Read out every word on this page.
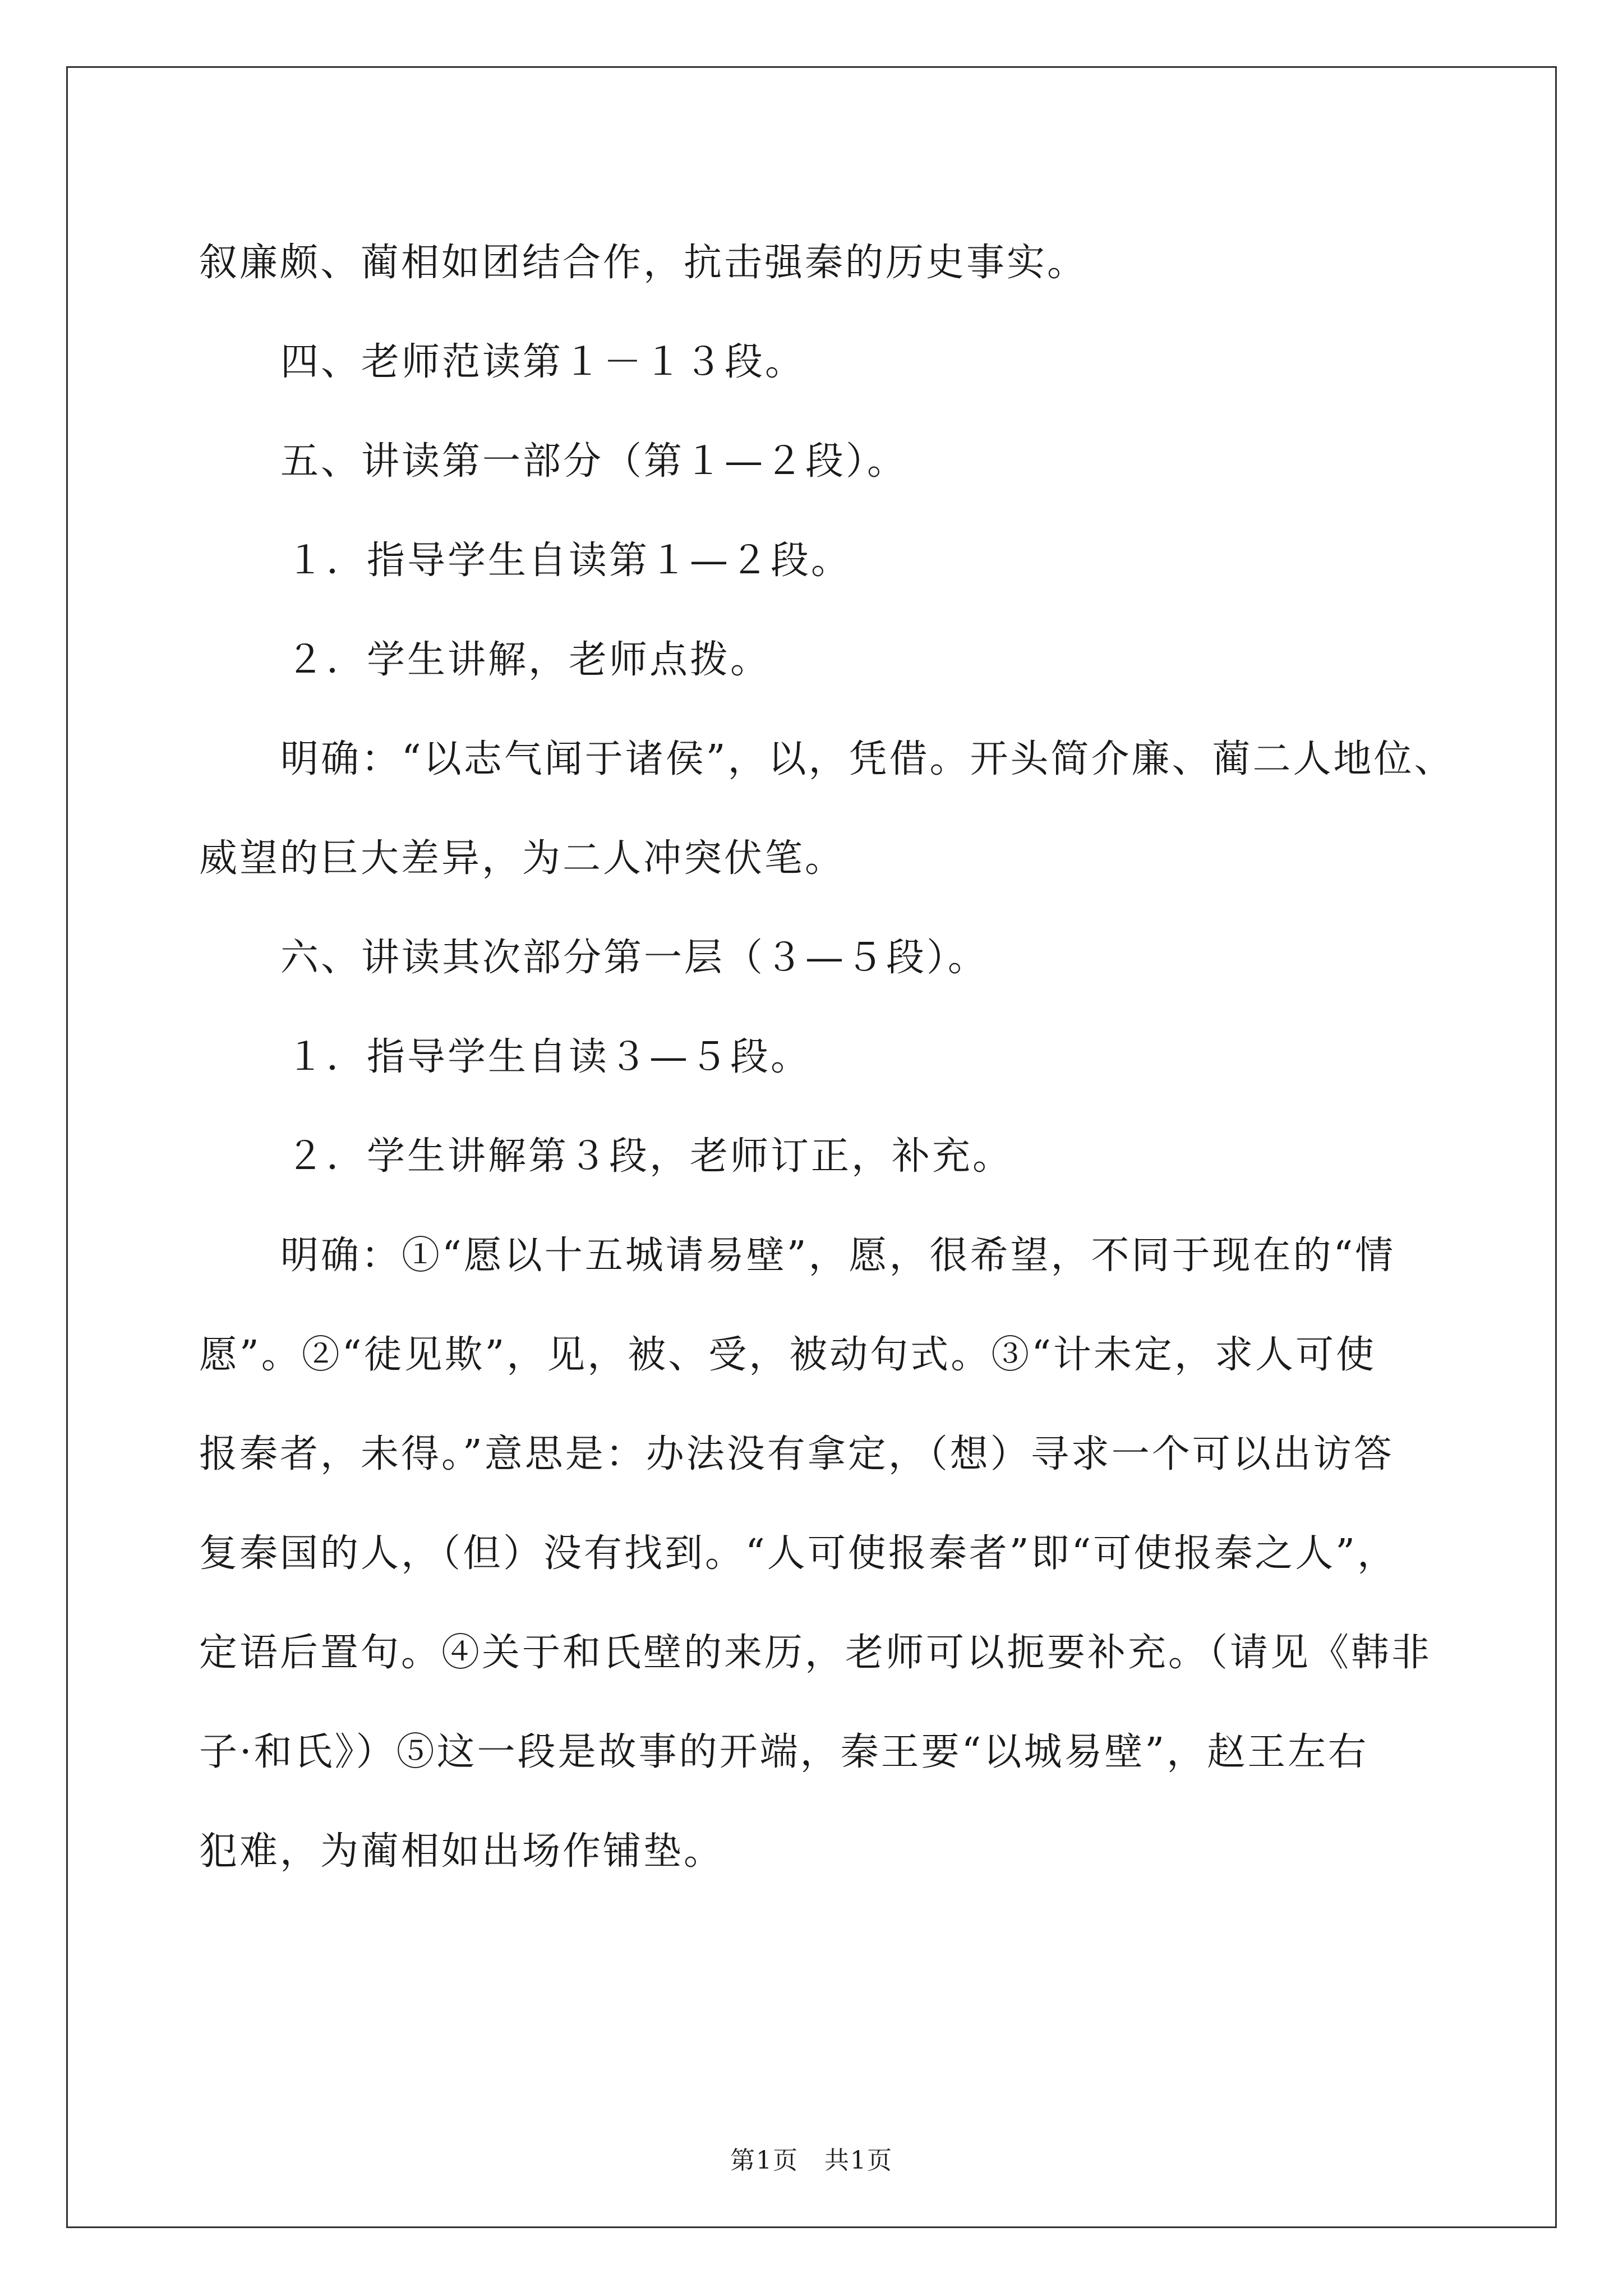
叙廉颇、蔺相如团结合作，抗击强秦的历史事实。

四、老师范读第１－１３段。

五、讲读第一部分（第１—２段）。

１．指导学生自读第１—２段。

２．学生讲解，老师点拨。

明确：“以志气闻于诸侯”，以，凭借。开头简介廉、蔺二人地位、

威望的巨大差异，为二人冲突伏笔。

六、讲读其次部分第一层（３—５段）。

１．指导学生自读３—５段。

２．学生讲解第３段，老师订正，补充。

明确：①“愿以十五城请易壁”，愿，很希望，不同于现在的“情

愿”。②“徒见欺”，见，被、受，被动句式。③“计未定，求人可使

报秦者，未得。”意思是：办法没有拿定，（想）寻求一个可以出访答

复秦国的人，（但）没有找到。“人可使报秦者”即“可使报秦之人”，

定语后置句。④关于和氏壁的来历，老师可以扼要补充。（请见《韩非

子·和氏》）⑤这一段是故事的开端，秦王要“以城易壁”，赵王左右

犯难，为蔺相如出场作铺垫。

第1页　共1页
